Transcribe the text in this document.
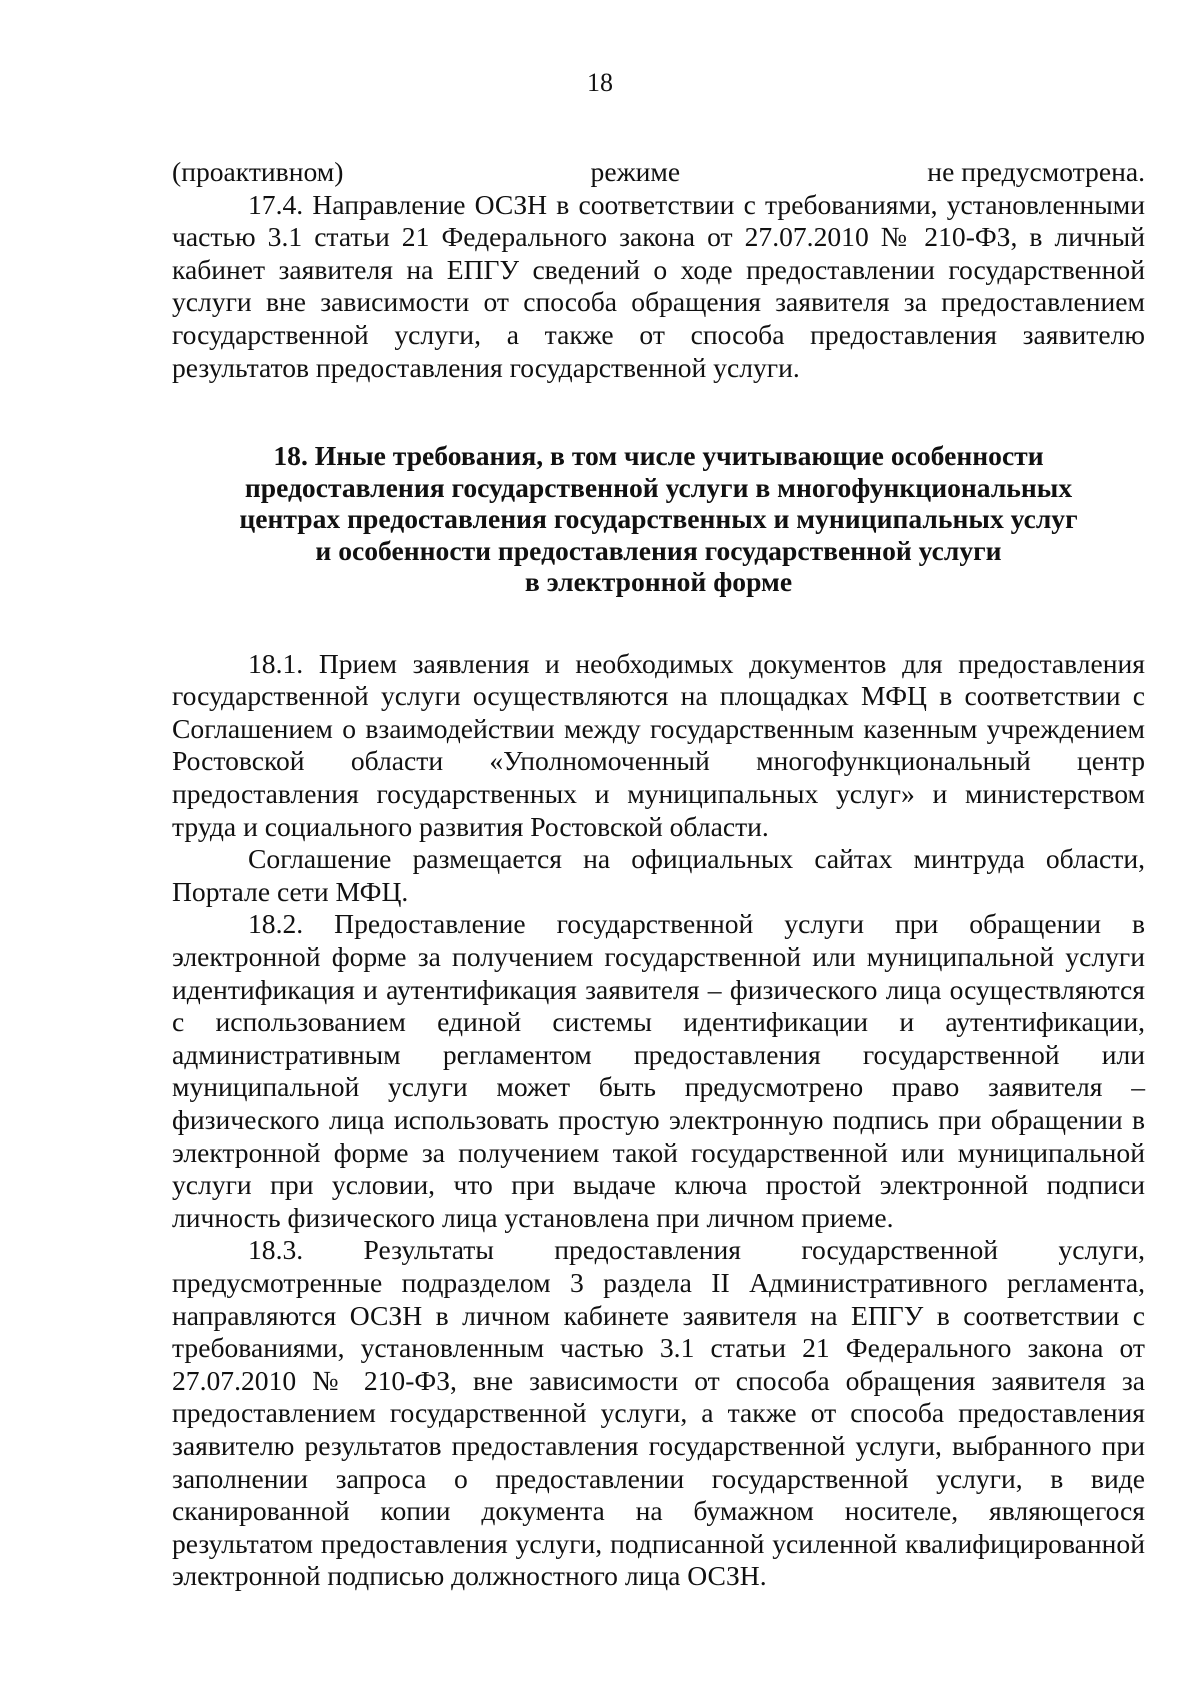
18

(проактивном)	режиме	не предусмотрена.

17.4. Направление ОСЗН в соответствии с требованиями, установленными частью 3.1 статьи 21 Федерального закона от 27.07.2010 № 210-ФЗ, в личный кабинет заявителя на ЕПГУ сведений о ходе предоставлении государственной услуги вне зависимости от способа обращения заявителя за предоставлением государственной услуги, а также от способа предоставления заявителю результатов предоставления государственной услуги.

18. Иные требования, в том числе учитывающие особенности
предоставления государственной услуги в многофункциональных
центрах предоставления государственных и муниципальных услуг
и особенности предоставления государственной услуги
в электронной форме

18.1. Прием заявления и необходимых документов для предоставления государственной услуги осуществляются на площадках МФЦ в соответствии с Соглашением о взаимодействии между государственным казенным учреждением Ростовской области «Уполномоченный многофункциональный центр предоставления государственных и муниципальных услуг» и министерством труда и социального развития Ростовской области.

Соглашение размещается на официальных сайтах минтруда области, Портале сети МФЦ.

18.2. Предоставление государственной услуги при обращении в электронной форме за получением государственной или муниципальной услуги идентификация и аутентификация заявителя – физического лица осуществляются с использованием единой системы идентификации и аутентификации, административным регламентом предоставления государственной или муниципальной услуги может быть предусмотрено право заявителя – физического лица использовать простую электронную подпись при обращении в электронной форме за получением такой государственной или муниципальной услуги при условии, что при выдаче ключа простой электронной подписи личность физического лица установлена при личном приеме.

18.3. Результаты предоставления государственной услуги, предусмотренные подразделом 3 раздела II Административного регламента, направляются ОСЗН в личном кабинете заявителя на ЕПГУ в соответствии с требованиями, установленным частью 3.1 статьи 21 Федерального закона от 27.07.2010 № 210-ФЗ, вне зависимости от способа обращения заявителя за предоставлением государственной услуги, а также от способа предоставления заявителю результатов предоставления государственной услуги, выбранного при заполнении запроса о предоставлении государственной услуги, в виде сканированной копии документа на бумажном носителе, являющегося результатом предоставления услуги, подписанной усиленной квалифицированной электронной подписью должностного лица ОСЗН.
